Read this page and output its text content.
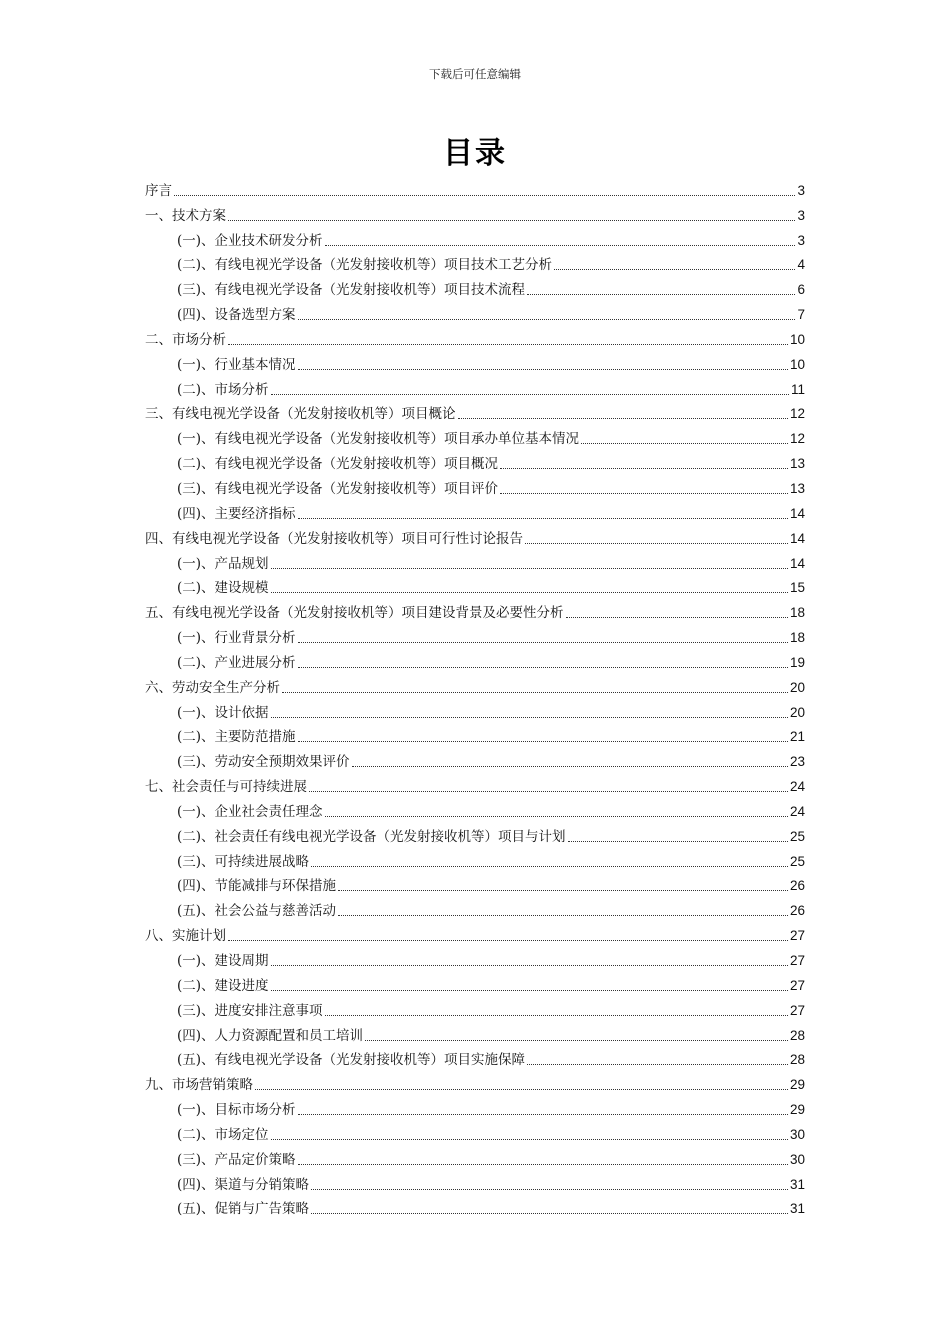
下载后可任意编辑
目录
序言	3
一、技术方案	3
(一)、企业技术研发分析	3
(二)、有线电视光学设备（光发射接收机等）项目技术工艺分析	4
(三)、有线电视光学设备（光发射接收机等）项目技术流程	6
(四)、设备选型方案	7
二、市场分析	10
(一)、行业基本情况	10
(二)、市场分析	11
三、有线电视光学设备（光发射接收机等）项目概论	12
(一)、有线电视光学设备（光发射接收机等）项目承办单位基本情况	12
(二)、有线电视光学设备（光发射接收机等）项目概况	13
(三)、有线电视光学设备（光发射接收机等）项目评价	13
(四)、主要经济指标	14
四、有线电视光学设备（光发射接收机等）项目可行性讨论报告	14
(一)、产品规划	14
(二)、建设规模	15
五、有线电视光学设备（光发射接收机等）项目建设背景及必要性分析	18
(一)、行业背景分析	18
(二)、产业进展分析	19
六、劳动安全生产分析	20
(一)、设计依据	20
(二)、主要防范措施	21
(三)、劳动安全预期效果评价	23
七、社会责任与可持续进展	24
(一)、企业社会责任理念	24
(二)、社会责任有线电视光学设备（光发射接收机等）项目与计划	25
(三)、可持续进展战略	25
(四)、节能减排与环保措施	26
(五)、社会公益与慈善活动	26
八、实施计划	27
(一)、建设周期	27
(二)、建设进度	27
(三)、进度安排注意事项	27
(四)、人力资源配置和员工培训	28
(五)、有线电视光学设备（光发射接收机等）项目实施保障	28
九、市场营销策略	29
(一)、目标市场分析	29
(二)、市场定位	30
(三)、产品定价策略	30
(四)、渠道与分销策略	31
(五)、促销与广告策略	31
